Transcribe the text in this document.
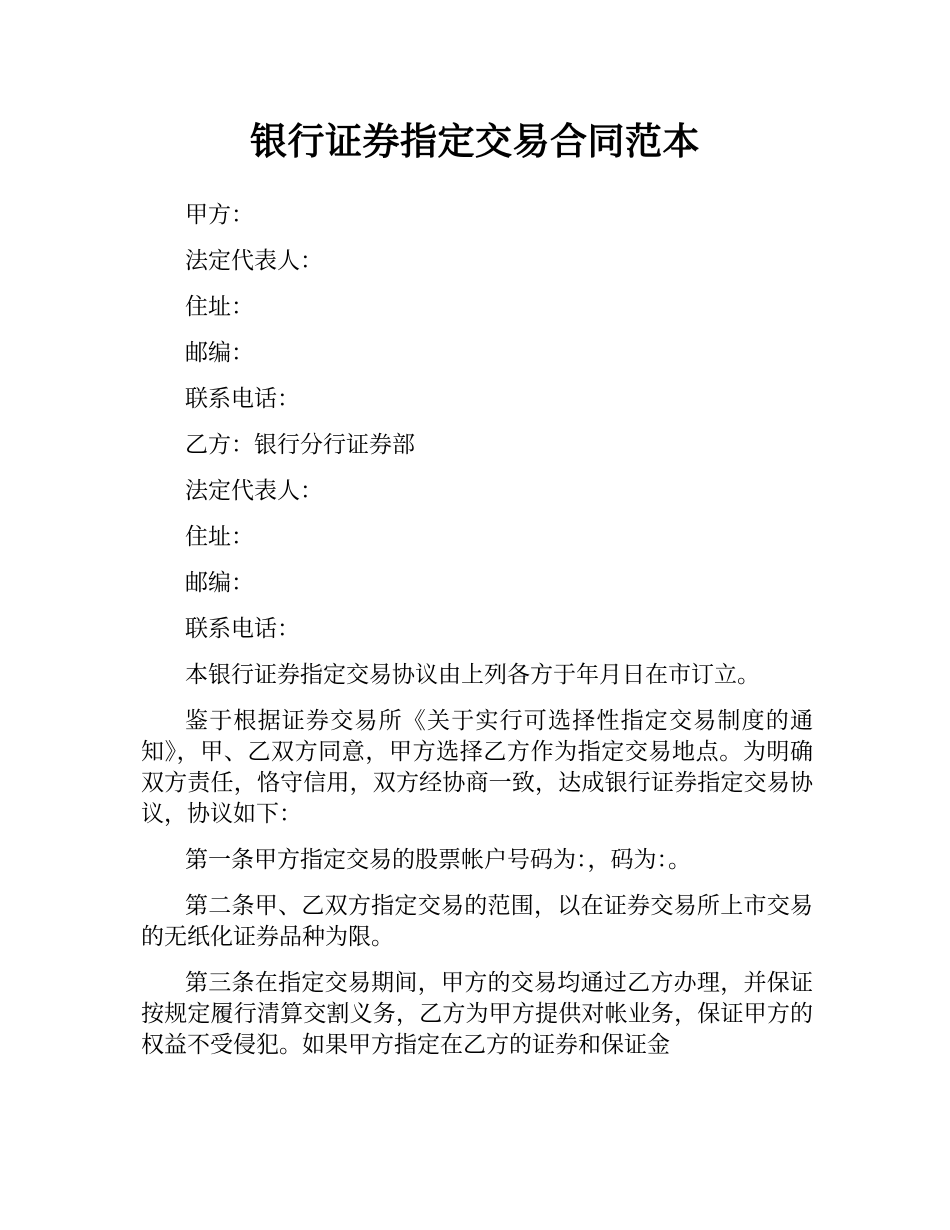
银行证券指定交易合同范本
甲方：
法定代表人：
住址：
邮编：
联系电话：
乙方：银行分行证券部
法定代表人：
住址：
邮编：
联系电话：

本银行证券指定交易协议由上列各方于年月日在市订立。

鉴于根据证券交易所《关于实行可选择性指定交易制度的通知》，甲、乙双方同意，甲方选择乙方作为指定交易地点。为明确双方责任，恪守信用，双方经协商一致，达成银行证券指定交易协议，协议如下：

第一条甲方指定交易的股票帐户号码为：，码为：。

第二条甲、乙双方指定交易的范围，以在证券交易所上市交易的无纸化证券品种为限。

第三条在指定交易期间，甲方的交易均通过乙方办理，并保证按规定履行清算交割义务，乙方为甲方提供对帐业务，保证甲方的权益不受侵犯。如果甲方指定在乙方的证券和保证金
